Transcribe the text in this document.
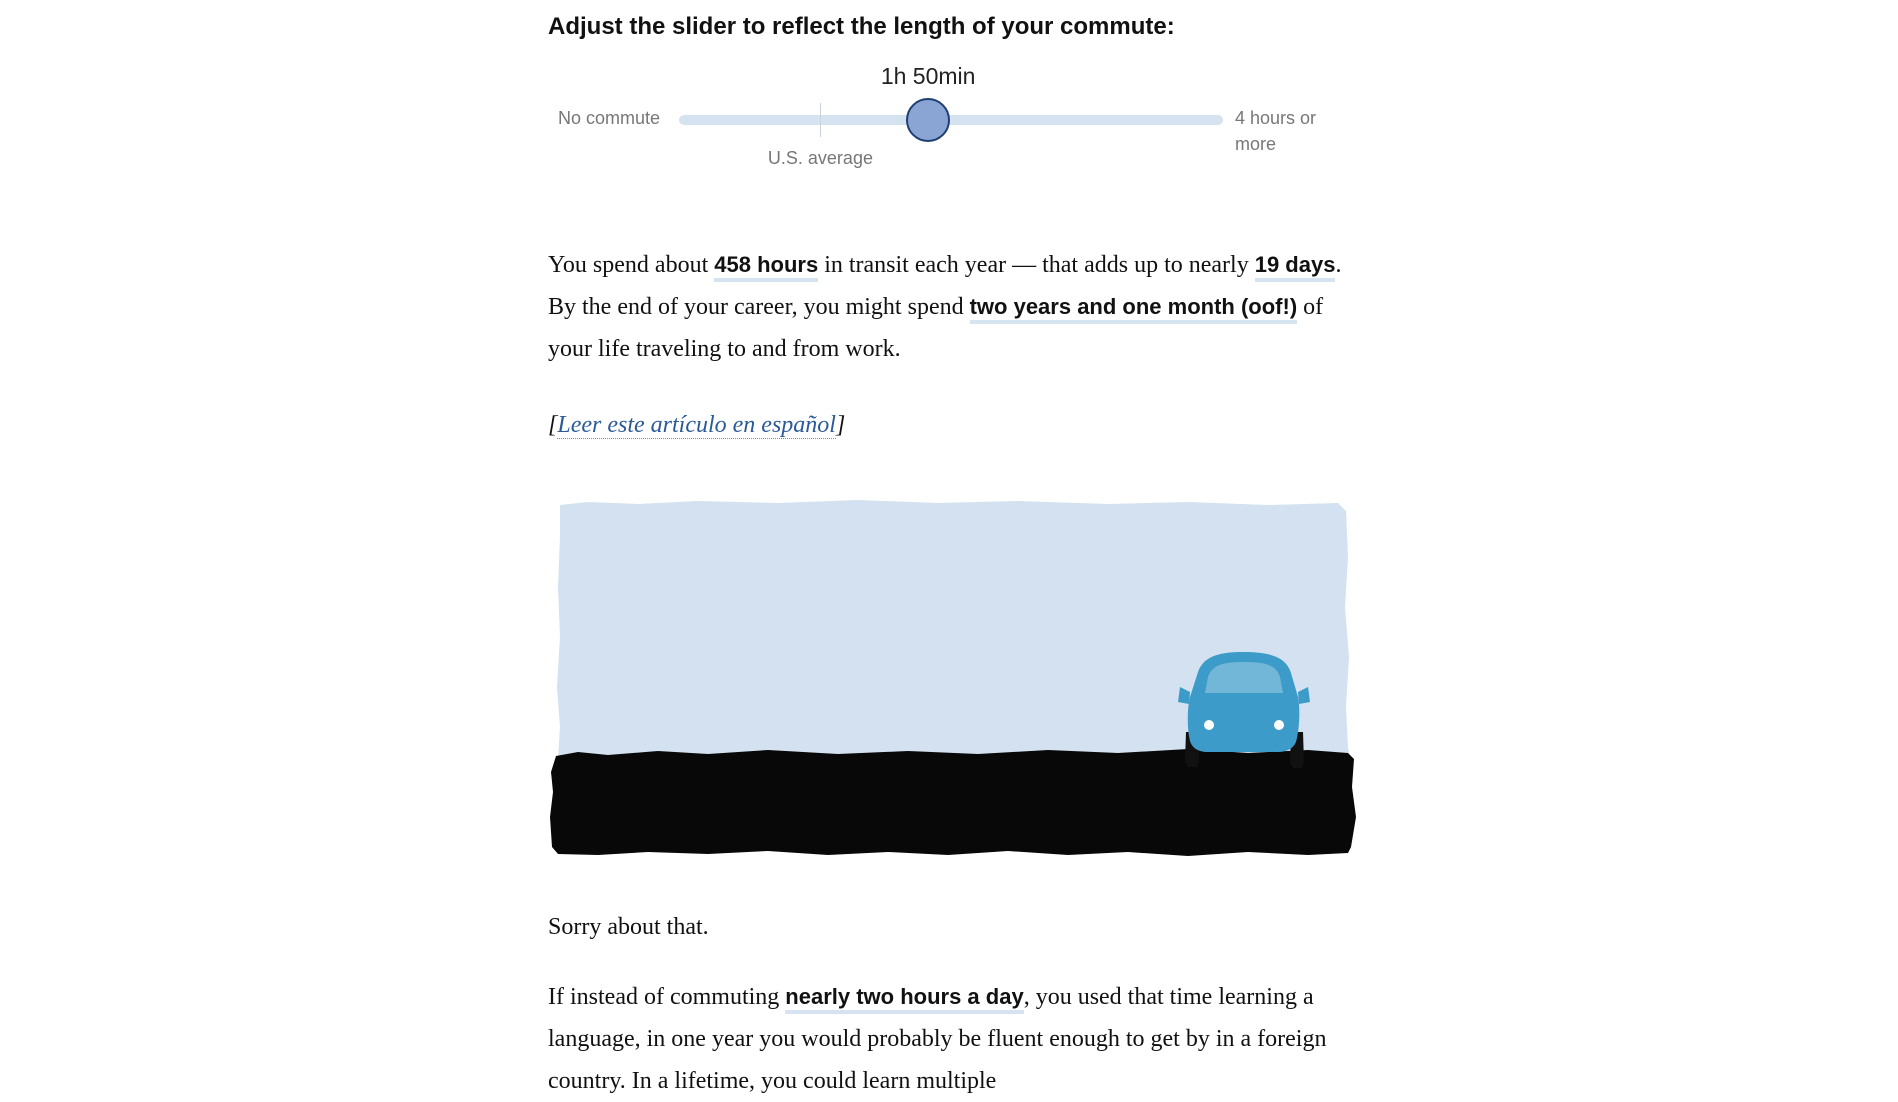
Adjust the slider to reflect the length of your commute:
1h 50min
No commute
U.S. average
4 hours or more

You spend about 458 hours in transit each year — that adds up to nearly 19 days. By the end of your career, you might spend two years and one month (oof!) of your life traveling to and from work.

[Leer este artículo en español]

Sorry about that.

If instead of commuting nearly two hours a day, you used that time learning a language, in one year you would probably be fluent enough to get by in a foreign country. In a lifetime, you could learn multiple
